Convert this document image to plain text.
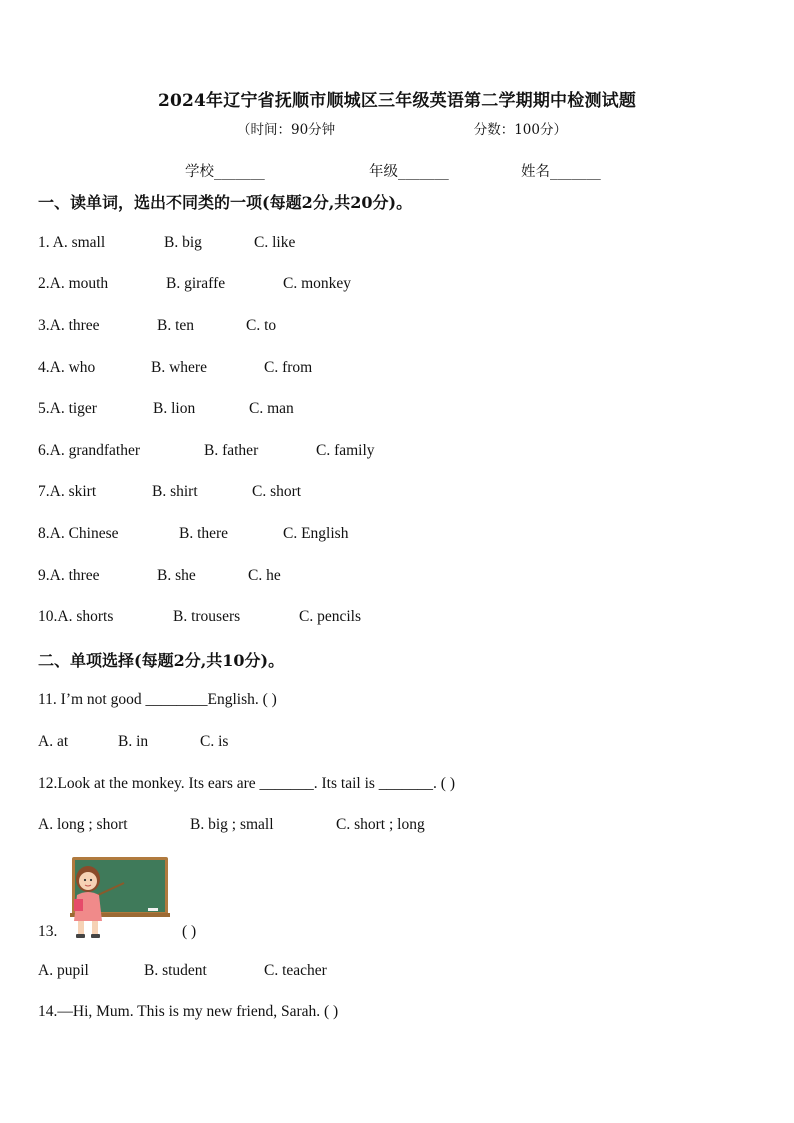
2024年辽宁省抚顺市顺城区三年级英语第二学期期中检测试题
（时间：90分钟	分数：100分）
学校_______	年级_______	姓名_______
一、读单词，选出不同类的一项(每题2分,共20分)。
1. A. small	B. big	C. like
2.A. mouth	B. giraffe	C. monkey
3.A. three	B. ten	C. to
4.A. who	B. where	C. from
5.A. tiger	B. lion	C. man
6.A. grandfather	B. father	C. family
7.A. skirt	B. shirt	C. short
8.A. Chinese	B. there	C. English
9.A. three	B. she	C. he
10.A. shorts	B. trousers	C. pencils
二、单项选择(每题2分,共10分)。
11. I’m not good ________English. ( )
A. at	B. in	C. is
12.Look at the monkey. Its ears are _______. Its tail is _______. ( )
A. long ; short	B. big ; small	C. short ; long
13.	( )
A. pupil	B. student	C. teacher
14.—Hi, Mum. This is my new friend, Sarah. ( )
